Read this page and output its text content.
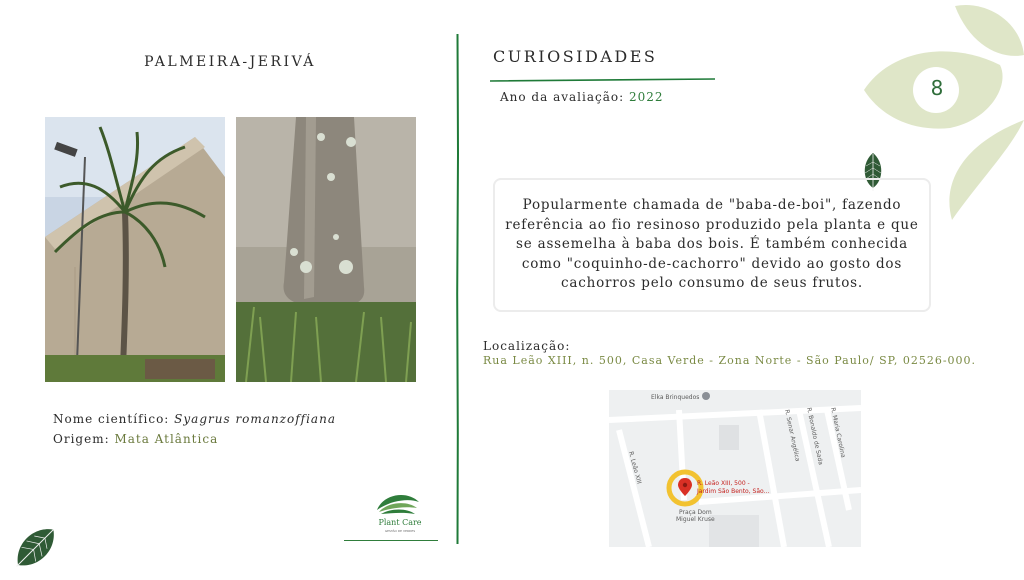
PALMEIRA-JERIVÁ
Nome científico: Syagrus romanzoffiana
Origem: Mata Atlântica
Plant Care
GESTÃO DE VERDES
CURIOSIDADES
Ano da avaliação: 2022
Popularmente chamada de "baba-de-boi", fazendo referência ao fio resinoso produzido pela planta e que se assemelha à baba dos bois. É também conhecida como "coquinho-de-cachorro" devido ao gosto dos cachorros pelo consumo de seus frutos.
Localização:
Rua Leão XIII, n. 500, Casa Verde - Zona Norte - São Paulo/ SP, 02526-000.
Elka Brinquedos
R. Leão XIII
R. Senar Angélica R. Bonaldo de Sada R. Maria Carolina
R. Leão XIII, 500 -
Jardim São Bento, São...
Praça Dom
Miguel Kruse
8
